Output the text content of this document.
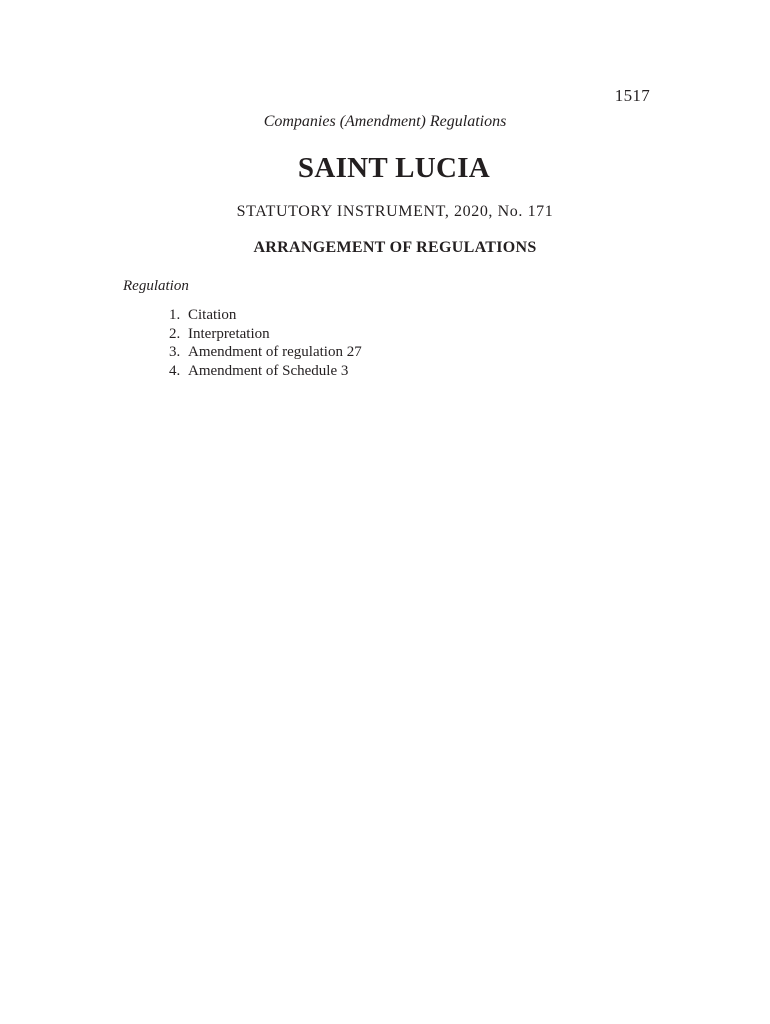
1517
Companies (Amendment) Regulations
SAINT LUCIA
STATUTORY INSTRUMENT, 2020, No. 171
ARRANGEMENT OF REGULATIONS
Regulation
1. Citation
2. Interpretation
3. Amendment of regulation 27
4. Amendment of Schedule 3
